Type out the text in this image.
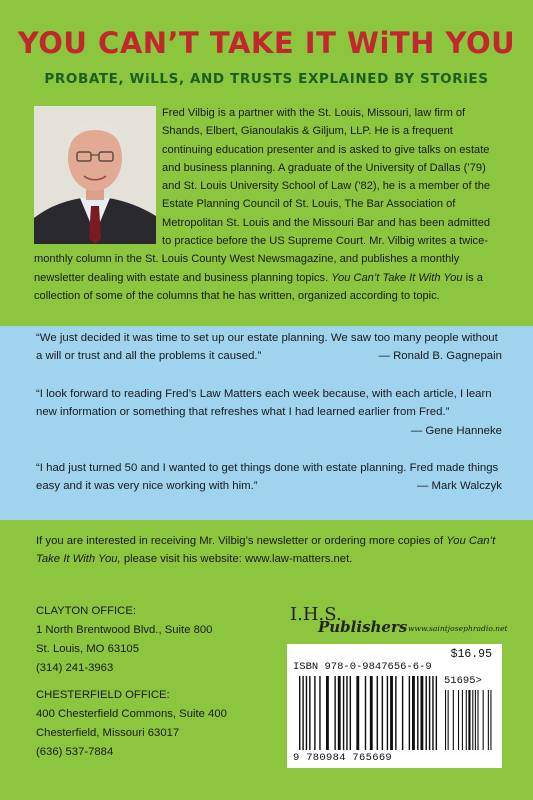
YOU CAN’T TAKE IT WiTH YOU
PROBATE, WiLLS, AND TRUSTS EXPLAINED BY STORiES

Fred Vilbig is a partner with the St. Louis, Missouri, law firm of Shands, Elbert, Gianoulakis & Giljum, LLP. He is a frequent continuing education presenter and is asked to give talks on estate and business planning. A graduate of the University of Dallas (’79) and St. Louis University School of Law (’82), he is a member of the Estate Planning Council of St. Louis, The Bar Association of Metropolitan St. Louis and the Missouri Bar and has been admitted to practice before the US Supreme Court. Mr. Vilbig writes a twice-monthly column in the St. Louis County West Newsmagazine, and publishes a monthly newsletter dealing with estate and business planning topics. You Can’t Take It With You is a collection of some of the columns that he has written, organized according to topic.

“We just decided it was time to set up our estate planning. We saw too many people without a will or trust and all the problems it caused.”	— Ronald B. Gagnepain

“I look forward to reading Fred’s Law Matters each week because, with each article, I learn new information or something that refreshes what I had learned earlier from Fred.”
— Gene Hanneke

“I had just turned 50 and I wanted to get things done with estate planning. Fred made things easy and it was very nice working with him.”	— Mark Walczyk

If you are interested in receiving Mr. Vilbig’s newsletter or ordering more copies of You Can’t Take It With You, please visit his website: www.law-matters.net.

CLAYTON OFFICE:
1 North Brentwood Blvd., Suite 800
St. Louis, MO 63105
(314) 241-3963
CHESTERFIELD OFFICE:
400 Chesterfield Commons, Suite 400
Chesterfield, Missouri 63017
(636) 537-7884
I.H.S.
Publishers www.saintjosephradio.net
$16.95
ISBN 978-0-9847656-6-9
51695>
9 780984 765669
